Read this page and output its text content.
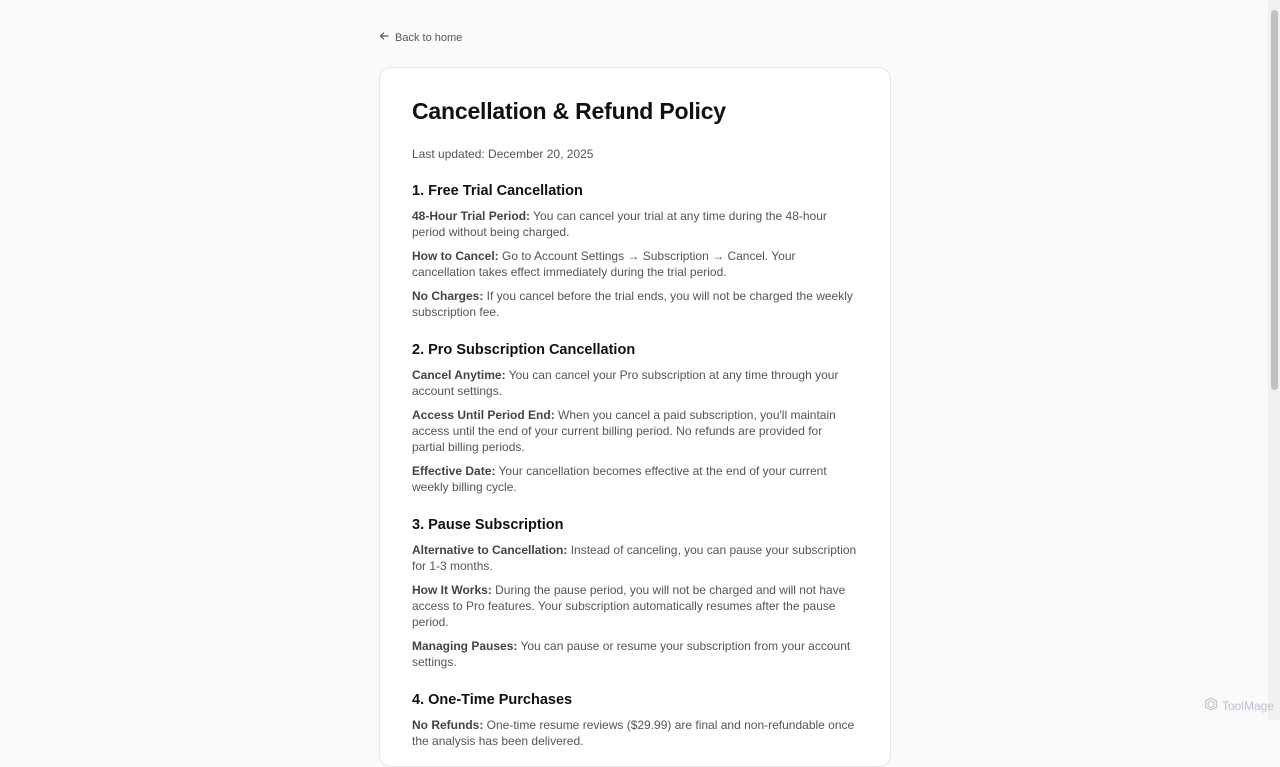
Back to home
Cancellation & Refund Policy
Last updated: December 20, 2025
1. Free Trial Cancellation

48-Hour Trial Period: You can cancel your trial at any time during the 48-hour period without being charged.

How to Cancel: Go to Account Settings → Subscription → Cancel. Your cancellation takes effect immediately during the trial period.

No Charges: If you cancel before the trial ends, you will not be charged the weekly subscription fee.

2. Pro Subscription Cancellation

Cancel Anytime: You can cancel your Pro subscription at any time through your account settings.

Access Until Period End: When you cancel a paid subscription, you'll maintain access until the end of your current billing period. No refunds are provided for partial billing periods.

Effective Date: Your cancellation becomes effective at the end of your current weekly billing cycle.

3. Pause Subscription

Alternative to Cancellation: Instead of canceling, you can pause your subscription for 1-3 months.

How It Works: During the pause period, you will not be charged and will not have access to Pro features. Your subscription automatically resumes after the pause period.

Managing Pauses: You can pause or resume your subscription from your account settings.

4. One-Time Purchases

No Refunds: One-time resume reviews ($29.99) are final and non-refundable once the analysis has been delivered.

ToolMage
